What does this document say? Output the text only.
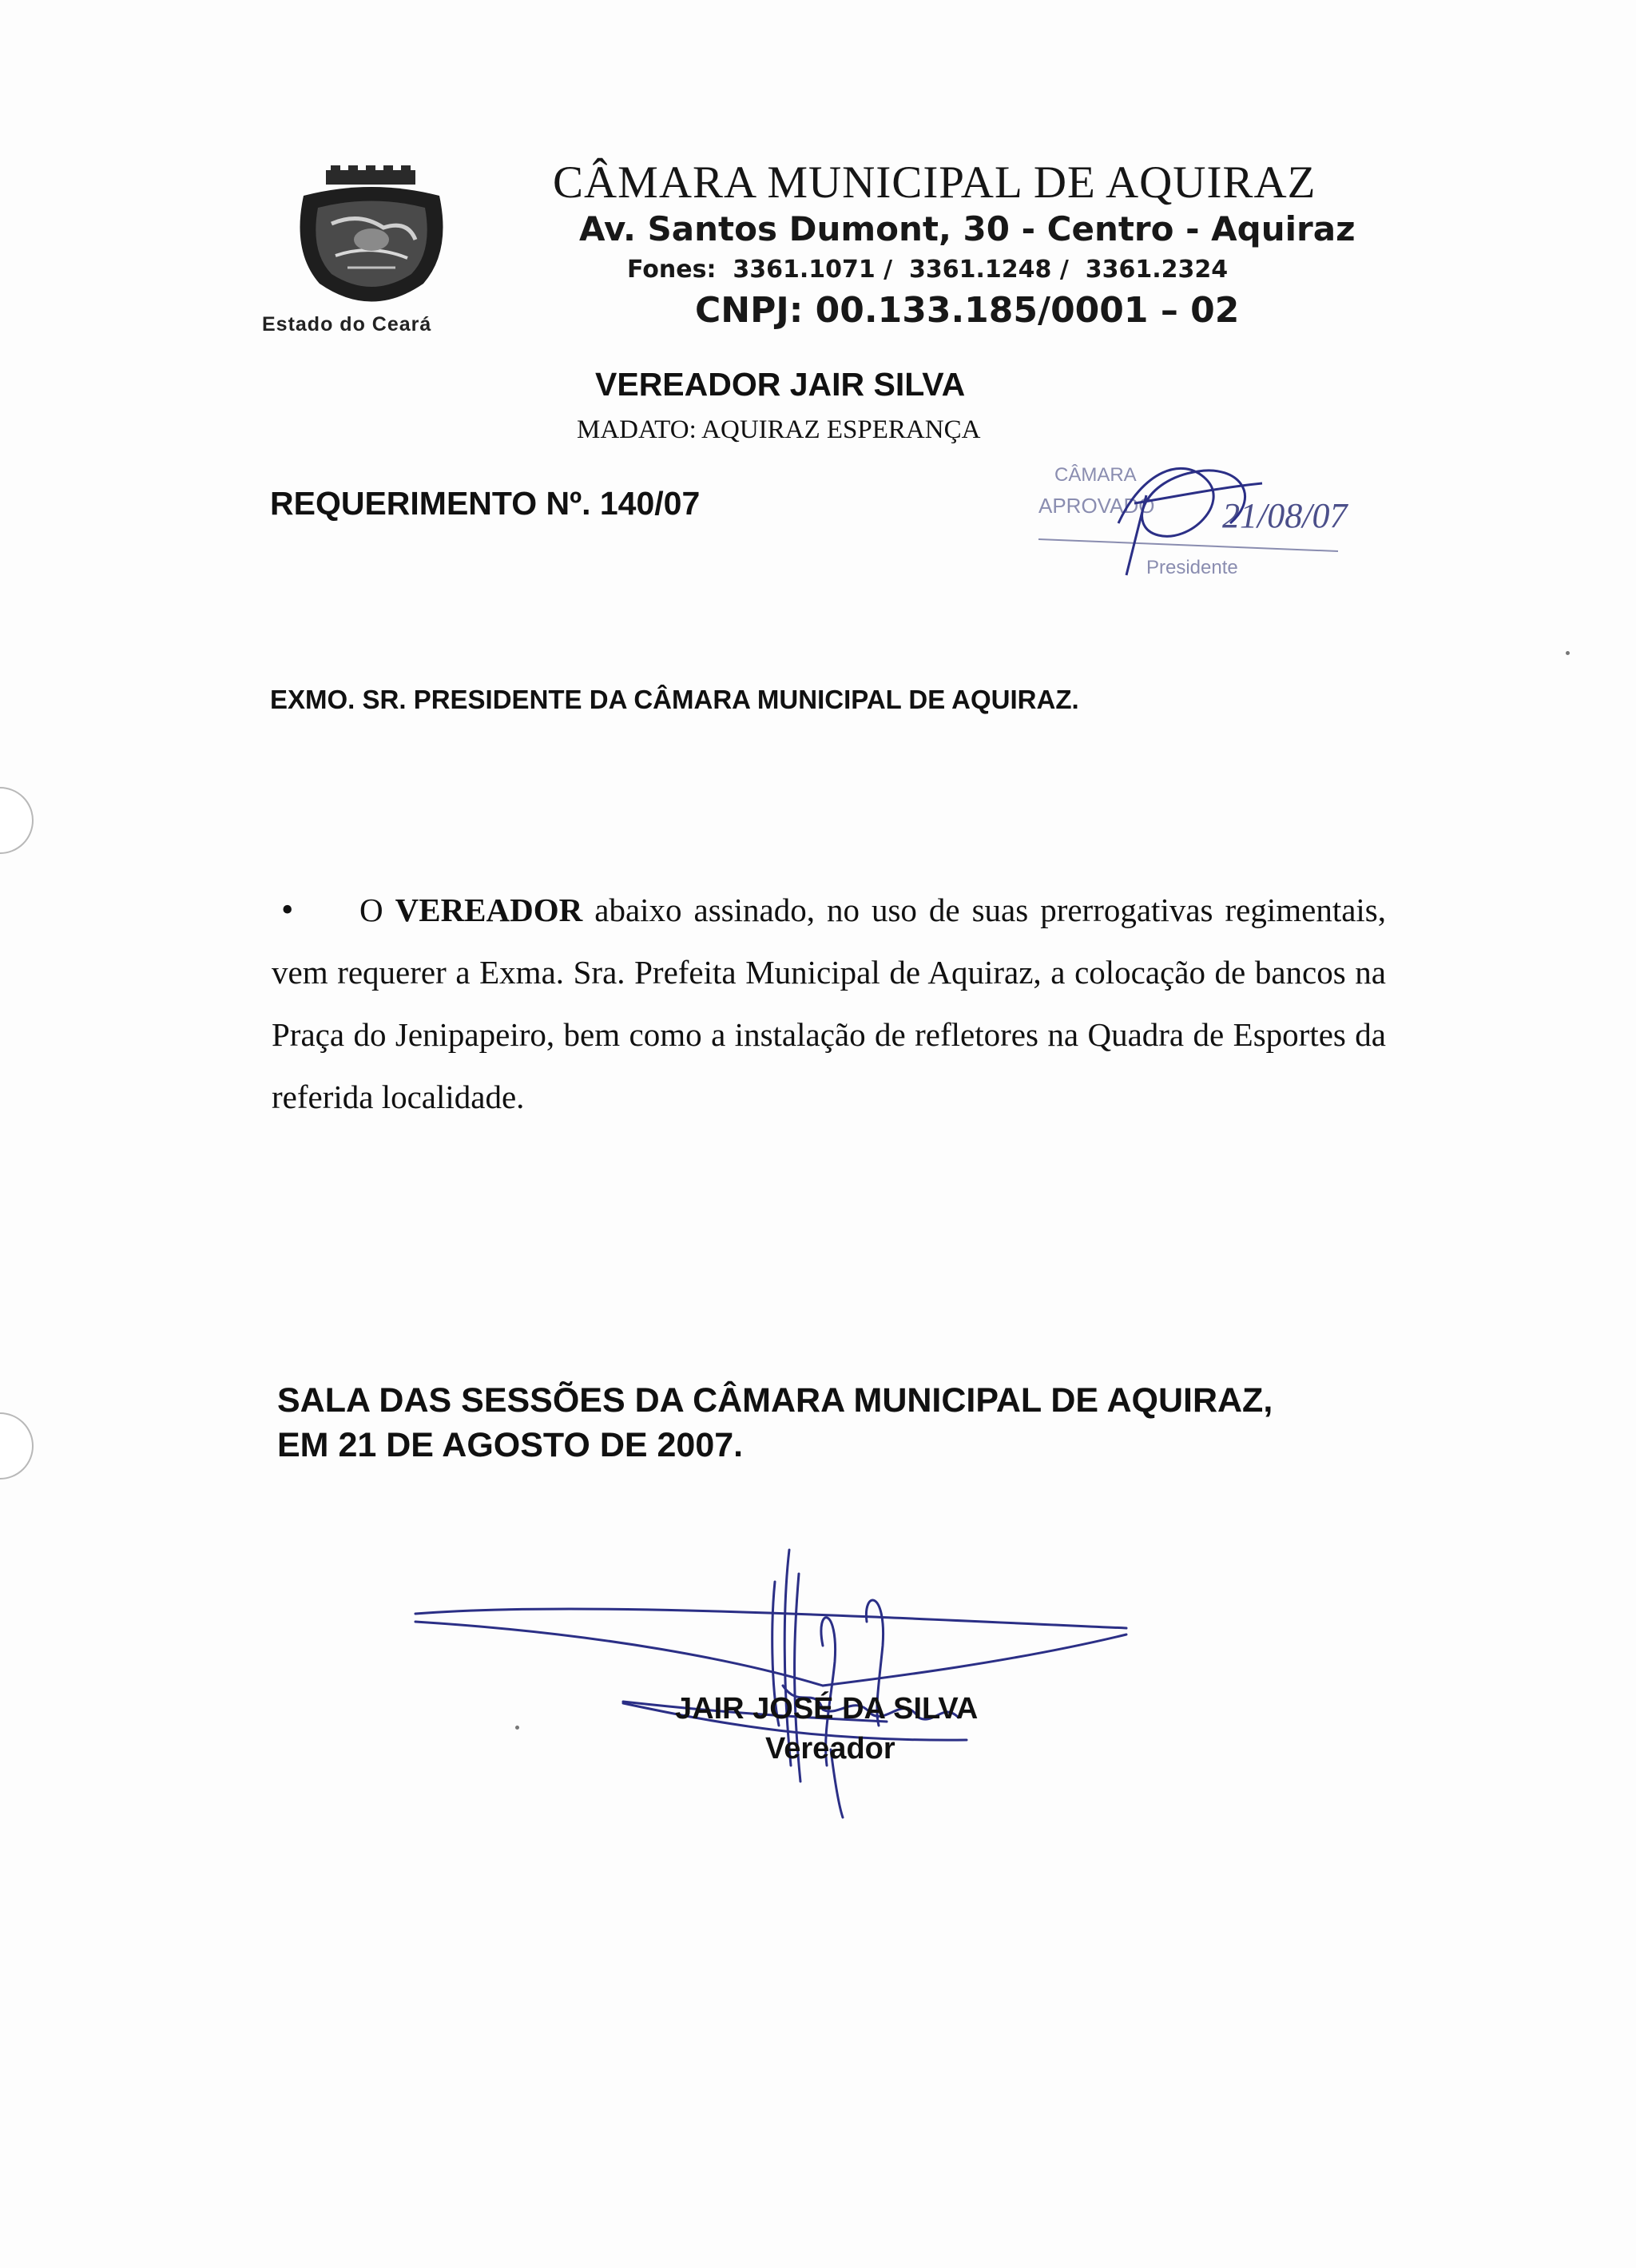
Estado do Ceará
CÂMARA MUNICIPAL DE AQUIRAZ
Av. Santos Dumont, 30 - Centro - Aquiraz
Fones:  3361.1071 /  3361.1248 /  3361.2324
CNPJ: 00.133.185/0001 – 02
VEREADOR JAIR SILVA
MADATO: AQUIRAZ ESPERANÇA
REQUERIMENTO Nº. 140/07
CÂMARA
APROVADO 21/08/07
Presidente
EXMO. SR. PRESIDENTE DA CÂMARA MUNICIPAL DE AQUIRAZ.
•	O VEREADOR abaixo assinado, no uso de suas prerrogativas regimentais, vem requerer a Exma. Sra. Prefeita Municipal de Aquiraz, a colocação de bancos na Praça do Jenipapeiro, bem como a instalação de refletores na Quadra de Esportes da referida localidade.
SALA DAS SESSÕES DA CÂMARA MUNICIPAL DE AQUIRAZ,
EM 21 DE AGOSTO DE 2007.
JAIR JOSÉ DA SILVA
Vereador
